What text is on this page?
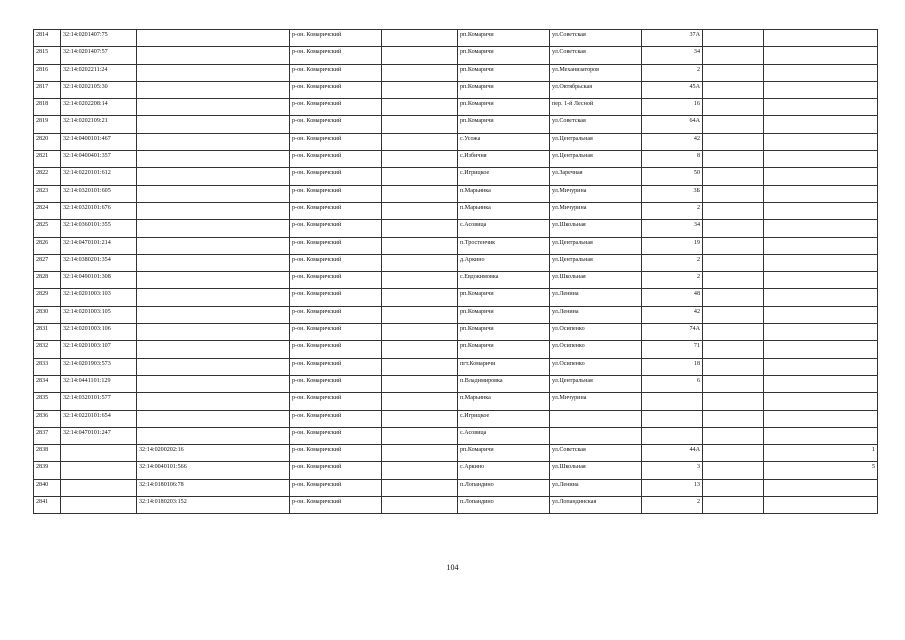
2814	32:14:0201407:75		р-он. Комаричский		рп.Комаричи	ул.Советская	37А		
2815	32:14:0201407:57		р-он. Комаричский		рп.Комаричи	ул.Советская	34		
2816	32:14:0202211:24		р-он. Комаричский		рп.Комаричи	ул.Механизаторов	2		
2817	32:14:0202105:30		р-он. Комаричский		рп.Комаричи	ул.Октябрьская	45А		
2818	32:14:0202208:14		р-он. Комаричский		рп.Комаричи	пер. 1-й Лесной	16		
2819	32:14:0202109:21		р-он. Комаричский		рп.Комаричи	ул.Советская	64А		
2820	32:14:0400101:467		р-он. Комаричский		с.Усожа	ул.Центральная	42		
2821	32:14:0400401:357		р-он. Комаричский		с.Избичня	ул.Центральная	8		
2822	32:14:0220101:612		р-он. Комаричский		с.Игрицкое	ул.Заречная	50		
2823	32:14:0320101:605		р-он. Комаричский		п.Марьинка	ул.Мичурина	3Б		
2824	32:14:0320101:676		р-он. Комаричский		п.Марьинка	ул.Мичурина	2		
2825	32:14:0360101:355		р-он. Комаричский		с.Асовица	ул.Школьная	34		
2826	32:14:0470101:214		р-он. Комаричский		п.Тростенчик	ул.Центральная	19		
2827	32:14:0380201:354		р-он. Комаричский		д.Аркино	ул.Центральная	2		
2828	32:14:0490101:308		р-он. Комаричский		с.Евдокимовка	ул.Школьная	2		
2829	32:14:0201003:103		р-он. Комаричский		рп.Комаричи	ул.Ленина	48		
2830	32:14:0201003:105		р-он. Комаричский		рп.Комаричи	ул.Ленина	42		
2831	32:14:0201003:106		р-он. Комаричский		рп.Комаричи	ул.Осипенко	74А		
2832	32:14:0201003:107		р-он. Комаричский		рп.Комаричи	ул.Осипенко	71		
2833	32:14:0201903:573		р-он. Комаричский		пгт.Комаричи	ул.Осипенко	18		
2834	32:14:0441101:129		р-он. Комаричский		п.Владимировка	ул.Центральная	6		
2835	32:14:0320101:577		р-он. Комаричский		п.Марьинка	ул.Мичурина			
2836	32:14:0220101:654		р-он. Комаричский		с.Игрицкое				
2837	32:14:0470101:247		р-он. Комаричский		с.Асовица				
2838		32:14:0200202:16	р-он. Комаричский		рп.Комаричи	ул.Советская	44А		1
2839		32:14:0040101:566	р-он. Комаричский		с.Аркино	ул.Школьная	3		5
2840		32:14:0180106:78	р-он. Комаричский		п.Лопандино	ул.Ленина	13		
2841		32:14:0180203:152	р-он. Комаричский		п.Лопандино	ул.Лопандинская	2		
104
